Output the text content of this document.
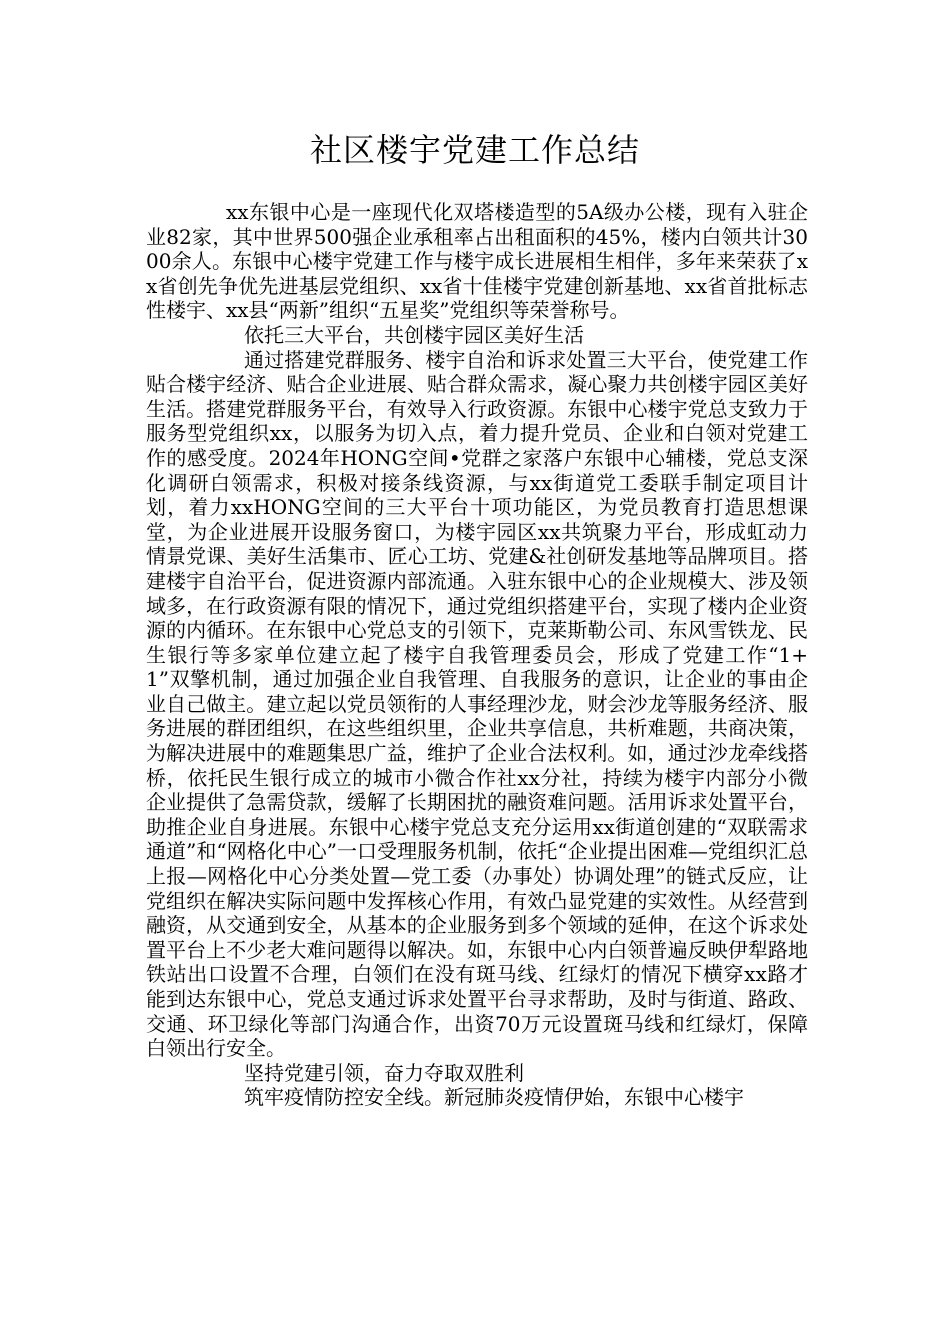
社区楼宇党建工作总结

xx东银中心是一座现代化双塔楼造型的5A级办公楼，现有入驻企业82家，其中世界500强企业承租率占出租面积的45%，楼内白领共计3000余人。东银中心楼宇党建工作与楼宇成长进展相生相伴，多年来荣获了xx省创先争优先进基层党组织、xx省十佳楼宇党建创新基地、xx省首批标志性楼宇、xx县“两新”组织“五星奖”党组织等荣誉称号。

依托三大平台，共创楼宇园区美好生活

通过搭建党群服务、楼宇自治和诉求处置三大平台，使党建工作贴合楼宇经济、贴合企业进展、贴合群众需求，凝心聚力共创楼宇园区美好生活。搭建党群服务平台，有效导入行政资源。东银中心楼宇党总支致力于服务型党组织xx，以服务为切入点，着力提升党员、企业和白领对党建工作的感受度。2024年HONG空间•党群之家落户东银中心辅楼，党总支深化调研白领需求，积极对接条线资源，与xx街道党工委联手制定项目计划，着力xxHONG空间的三大平台十项功能区，为党员教育打造思想课堂，为企业进展开设服务窗口，为楼宇园区xx共筑聚力平台，形成虹动力情景党课、美好生活集市、匠心工坊、党建&社创研发基地等品牌项目。搭建楼宇自治平台，促进资源内部流通。入驻东银中心的企业规模大、涉及领域多，在行政资源有限的情况下，通过党组织搭建平台，实现了楼内企业资源的内循环。在东银中心党总支的引领下，克莱斯勒公司、东风雪铁龙、民生银行等多家单位建立起了楼宇自我管理委员会，形成了党建工作“1+1”双擎机制，通过加强企业自我管理、自我服务的意识，让企业的事由企业自己做主。建立起以党员领衔的人事经理沙龙，财会沙龙等服务经济、服务进展的群团组织，在这些组织里，企业共享信息，共析难题，共商决策，为解决进展中的难题集思广益，维护了企业合法权利。如，通过沙龙牵线搭桥，依托民生银行成立的城市小微合作社xx分社，持续为楼宇内部分小微企业提供了急需贷款，缓解了长期困扰的融资难问题。活用诉求处置平台，助推企业自身进展。东银中心楼宇党总支充分运用xx街道创建的“双联需求通道”和“网格化中心”一口受理服务机制，依托“企业提出困难—党组织汇总上报—网格化中心分类处置—党工委（办事处）协调处理”的链式反应，让党组织在解决实际问题中发挥核心作用，有效凸显党建的实效性。从经营到融资，从交通到安全，从基本的企业服务到多个领域的延伸，在这个诉求处置平台上不少老大难问题得以解决。如，东银中心内白领普遍反映伊犁路地铁站出口设置不合理，白领们在没有斑马线、红绿灯的情况下横穿xx路才能到达东银中心，党总支通过诉求处置平台寻求帮助，及时与街道、路政、交通、环卫绿化等部门沟通合作，出资70万元设置斑马线和红绿灯，保障白领出行安全。

坚持党建引领，奋力夺取双胜利

筑牢疫情防控安全线。新冠肺炎疫情伊始，东银中心楼宇
